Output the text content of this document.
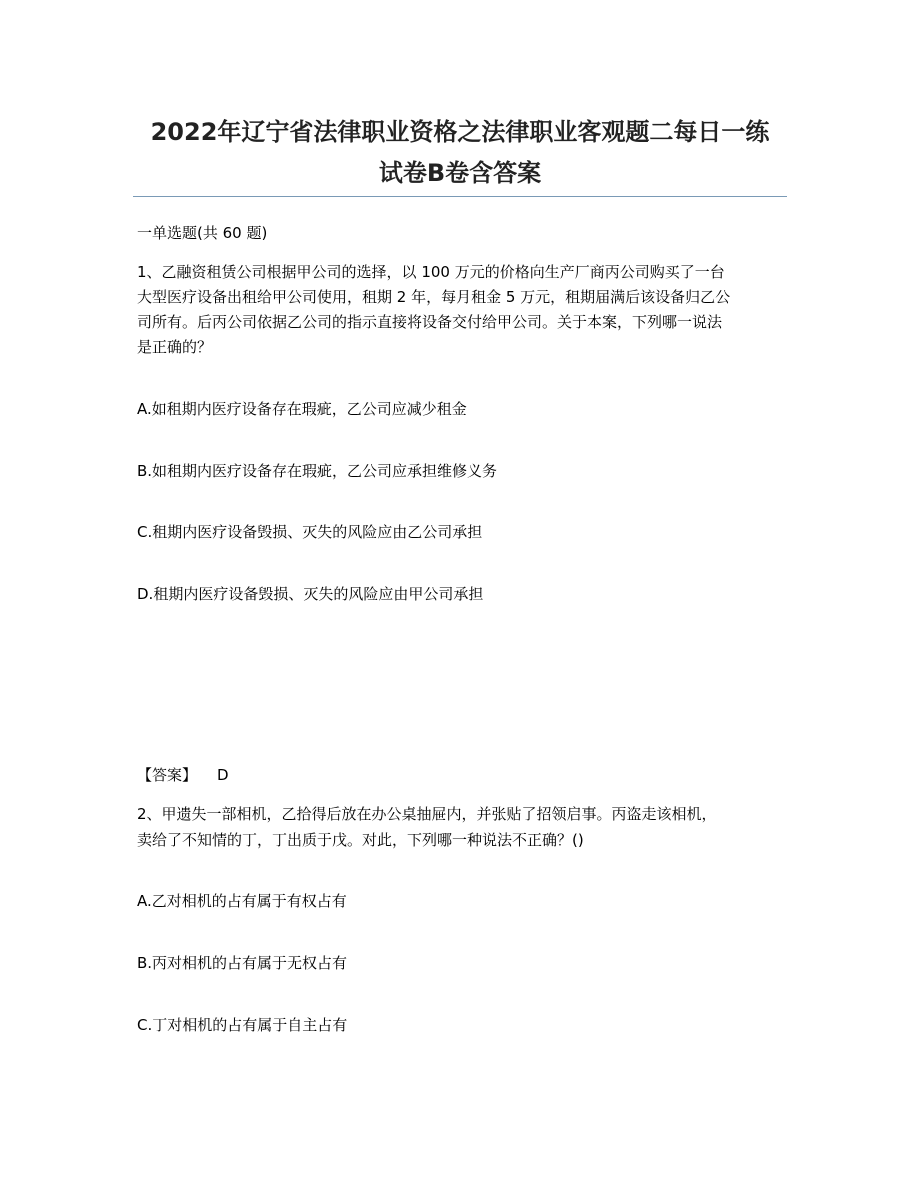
2022年辽宁省法律职业资格之法律职业客观题二每日一练
试卷B卷含答案
一单选题(共 60 题)
1、乙融资租赁公司根据甲公司的选择，以 100 万元的价格向生产厂商丙公司购买了一台
大型医疗设备出租给甲公司使用，租期 2 年，每月租金 5 万元，租期届满后该设备归乙公
司所有。后丙公司依据乙公司的指示直接将设备交付给甲公司。关于本案，下列哪一说法
是正确的？
A.如租期内医疗设备存在瑕疵，乙公司应减少租金
B.如租期内医疗设备存在瑕疵，乙公司应承担维修义务
C.租期内医疗设备毁损、灭失的风险应由乙公司承担
D.租期内医疗设备毁损、灭失的风险应由甲公司承担
【答案】 D
2、甲遗失一部相机，乙拾得后放在办公桌抽屉内，并张贴了招领启事。丙盗走该相机，
卖给了不知情的丁，丁出质于戊。对此，下列哪一种说法不正确？()
A.乙对相机的占有属于有权占有
B.丙对相机的占有属于无权占有
C.丁对相机的占有属于自主占有
